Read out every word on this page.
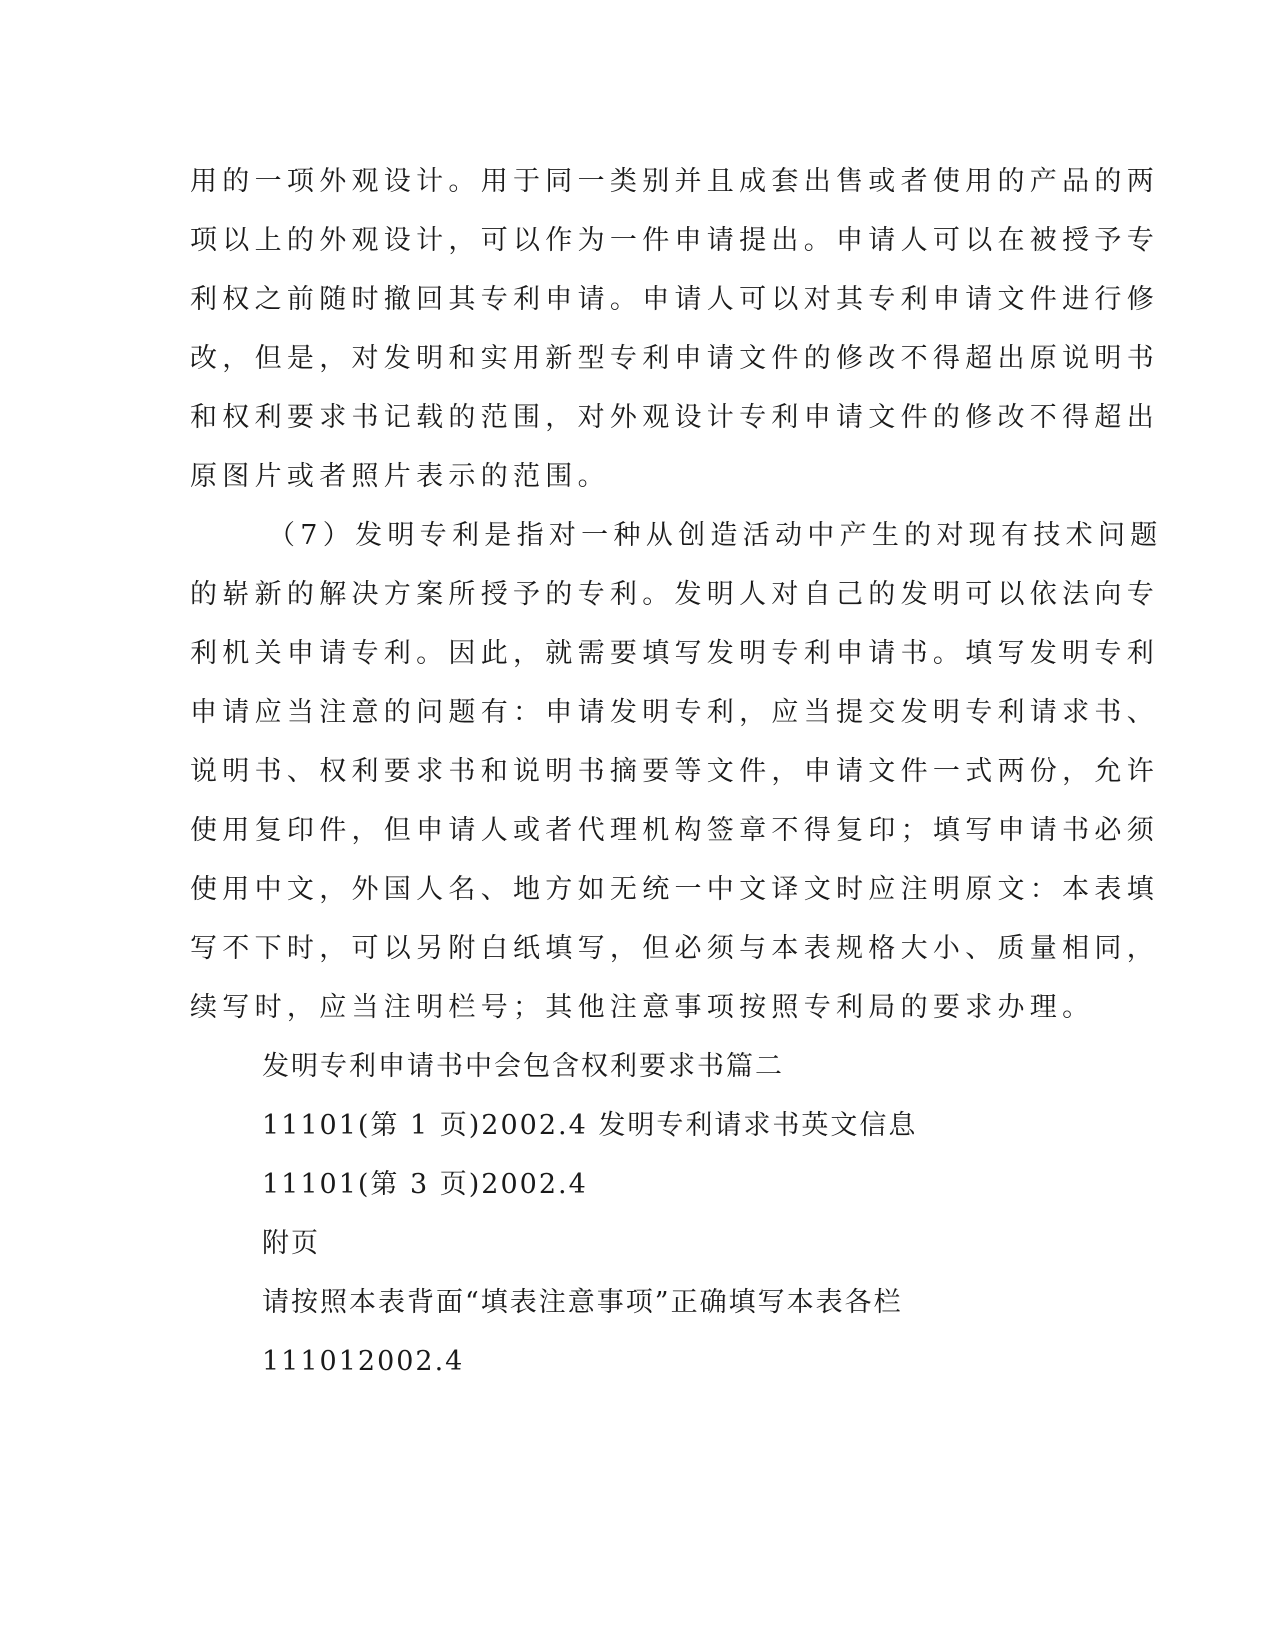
用的一项外观设计。用于同一类别并且成套出售或者使用的产品的两
项以上的外观设计，可以作为一件申请提出。申请人可以在被授予专
利权之前随时撤回其专利申请。申请人可以对其专利申请文件进行修
改，但是，对发明和实用新型专利申请文件的修改不得超出原说明书
和权利要求书记载的范围，对外观设计专利申请文件的修改不得超出
原图片或者照片表示的范围。
（7）发明专利是指对一种从创造活动中产生的对现有技术问题
的崭新的解决方案所授予的专利。发明人对自己的发明可以依法向专
利机关申请专利。因此，就需要填写发明专利申请书。填写发明专利
申请应当注意的问题有：申请发明专利，应当提交发明专利请求书、
说明书、权利要求书和说明书摘要等文件，申请文件一式两份，允许
使用复印件，但申请人或者代理机构签章不得复印；填写申请书必须
使用中文，外国人名、地方如无统一中文译文时应注明原文：本表填
写不下时，可以另附白纸填写，但必须与本表规格大小、质量相同，
续写时，应当注明栏号；其他注意事项按照专利局的要求办理。
发明专利申请书中会包含权利要求书篇二
11101(第 1 页)2002.4 发明专利请求书英文信息
11101(第 3 页)2002.4
附页
请按照本表背面“填表注意事项”正确填写本表各栏
111012002.4
